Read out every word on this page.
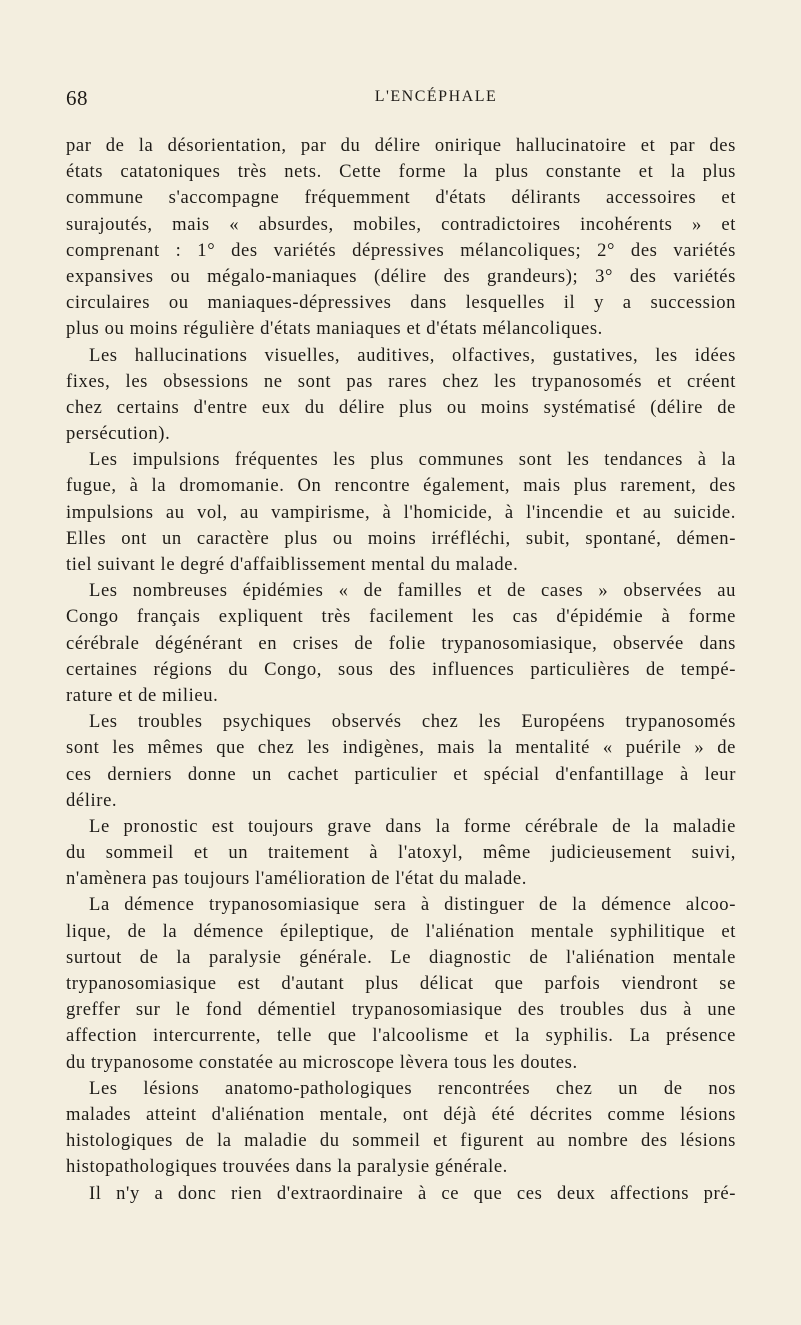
68	L'ENCÉPHALE
par de la désorientation, par du délire onirique hallucinatoire et par des
états catatoniques très nets. Cette forme la plus constante et la plus
commune s'accompagne fréquemment d'états délirants accessoires et
surajoutés, mais « absurdes, mobiles, contradictoires incohérents » et
comprenant : 1° des variétés dépressives mélancoliques; 2° des variétés
expansives ou mégalo-maniaques (délire des grandeurs); 3° des variétés
circulaires ou maniaques-dépressives dans lesquelles il y a succession
plus ou moins régulière d'états maniaques et d'états mélancoliques.
Les hallucinations visuelles, auditives, olfactives, gustatives, les idées
fixes, les obsessions ne sont pas rares chez les trypanosomés et créent
chez certains d'entre eux du délire plus ou moins systématisé (délire de
persécution).
Les impulsions fréquentes les plus communes sont les tendances à la
fugue, à la dromomanie. On rencontre également, mais plus rarement, des
impulsions au vol, au vampirisme, à l'homicide, à l'incendie et au suicide.
Elles ont un caractère plus ou moins irréfléchi, subit, spontané, démen-
tiel suivant le degré d'affaiblissement mental du malade.
Les nombreuses épidémies « de familles et de cases » observées au
Congo français expliquent très facilement les cas d'épidémie à forme
cérébrale dégénérant en crises de folie trypanosomiasique, observée dans
certaines régions du Congo, sous des influences particulières de tempé-
rature et de milieu.
Les troubles psychiques observés chez les Européens trypanosomés
sont les mêmes que chez les indigènes, mais la mentalité « puérile » de
ces derniers donne un cachet particulier et spécial d'enfantillage à leur
délire.
Le pronostic est toujours grave dans la forme cérébrale de la maladie
du sommeil et un traitement à l'atoxyl, même judicieusement suivi,
n'amènera pas toujours l'amélioration de l'état du malade.
La démence trypanosomiasique sera à distinguer de la démence alcoo-
lique, de la démence épileptique, de l'aliénation mentale syphilitique et
surtout de la paralysie générale. Le diagnostic de l'aliénation mentale
trypanosomiasique est d'autant plus délicat que parfois viendront se
greffer sur le fond démentiel trypanosomiasique des troubles dus à une
affection intercurrente, telle que l'alcoolisme et la syphilis. La présence
du trypanosome constatée au microscope lèvera tous les doutes.
Les lésions anatomo-pathologiques rencontrées chez un de nos
malades atteint d'aliénation mentale, ont déjà été décrites comme lésions
histologiques de la maladie du sommeil et figurent au nombre des lésions
histopathologiques trouvées dans la paralysie générale.
Il n'y a donc rien d'extraordinaire à ce que ces deux affections pré-
